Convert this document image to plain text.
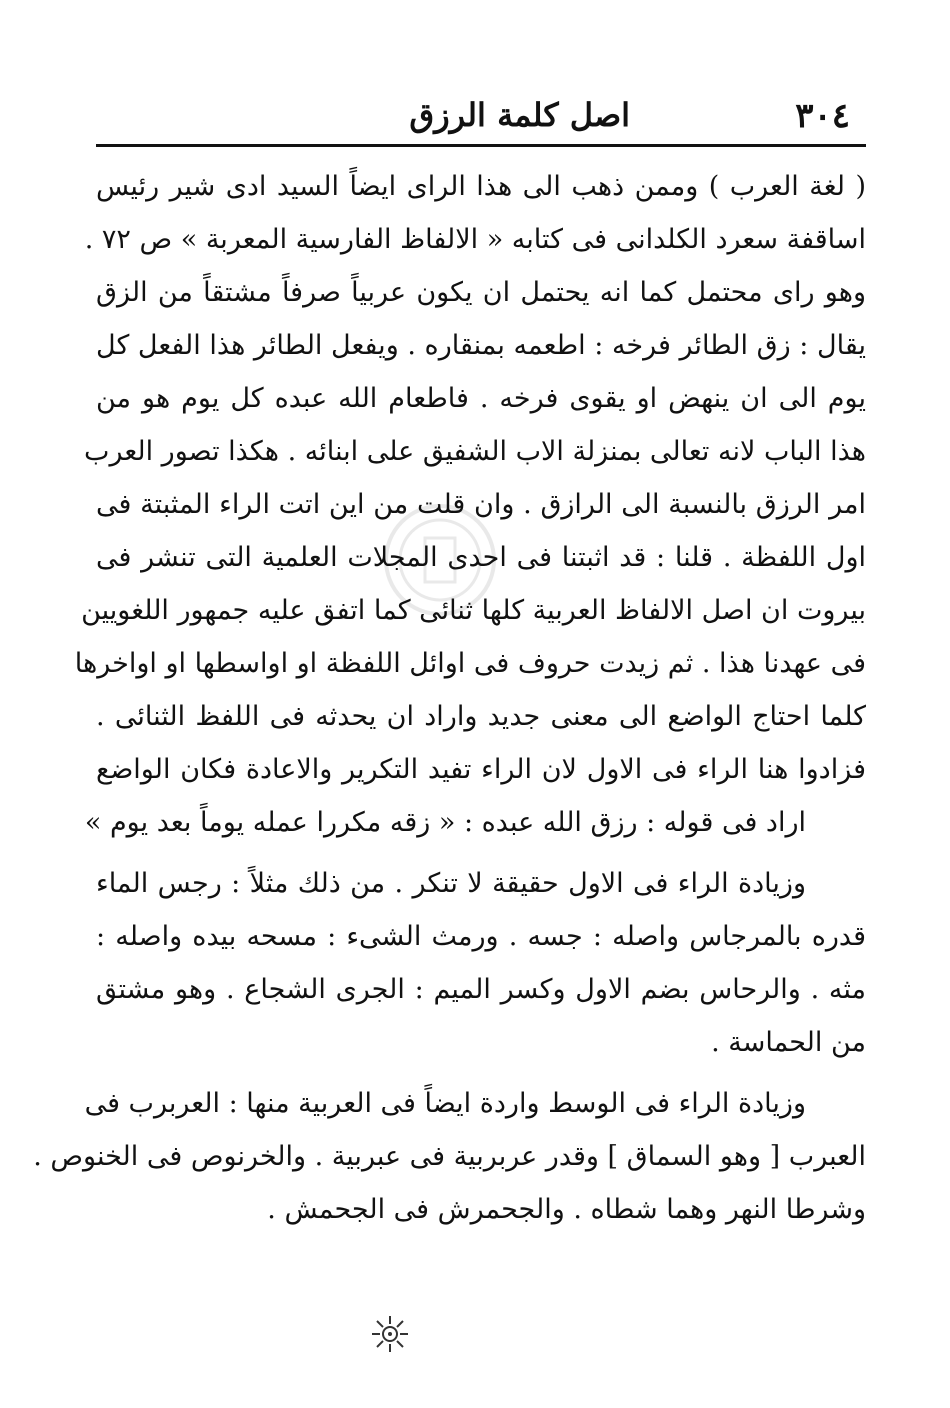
٣٠٤
اصل كلمة الرزق
( لغة العرب ) وممن ذهب الى هذا الراى ايضاً السيد ادى شير رئيس
اساقفة سعرد الكلدانى فى كتابه « الالفاظ الفارسية المعربة » ص ٧٢ .
وهو راى محتمل كما انه يحتمل ان يكون عربياً صرفاً مشتقاً من الزق
يقال : زق الطائر فرخه : اطعمه بمنقاره . ويفعل الطائر هذا الفعل كل
يوم الى ان ينهض او يقوى فرخه . فاطعام الله عبده كل يوم هو من
هذا الباب لانه تعالى بمنزلة الاب الشفيق على ابنائه . هكذا تصور العرب
امر الرزق بالنسبة الى الرازق . وان قلت من اين اتت الراء المثبتة فى
اول اللفظة . قلنا : قد اثبتنا فى احدى المجلات العلمية التى تنشر فى
بيروت ان اصل الالفاظ العربية كلها ثنائى كما اتفق عليه جمهور اللغويين
فى عهدنا هذا . ثم زيدت حروف فى اوائل اللفظة او اواسطها او اواخرها
كلما احتاج الواضع الى معنى جديد واراد ان يحدثه فى اللفظ الثنائى .
فزادوا هنا الراء فى الاول لان الراء تفيد التكرير والاعادة فكان الواضع
اراد فى قوله : رزق الله عبده : « زقه مكررا عمله يوماً بعد يوم »
وزيادة الراء فى الاول حقيقة لا تنكر . من ذلك مثلاً : رجس الماء
قدره بالمرجاس واصله : جسه . ورمث الشىء : مسحه بيده واصله :
مثه . والرحاس بضم الاول وكسر الميم : الجرى الشجاع . وهو مشتق
من الحماسة .
وزيادة الراء فى الوسط واردة ايضاً فى العربية منها : العربرب فى
العبرب [ وهو السماق ] وقدر عربربية فى عبربية . والخرنوص فى الخنوص .
وشرطا النهر وهما شطاه . والجحمرش فى الجحمش .
